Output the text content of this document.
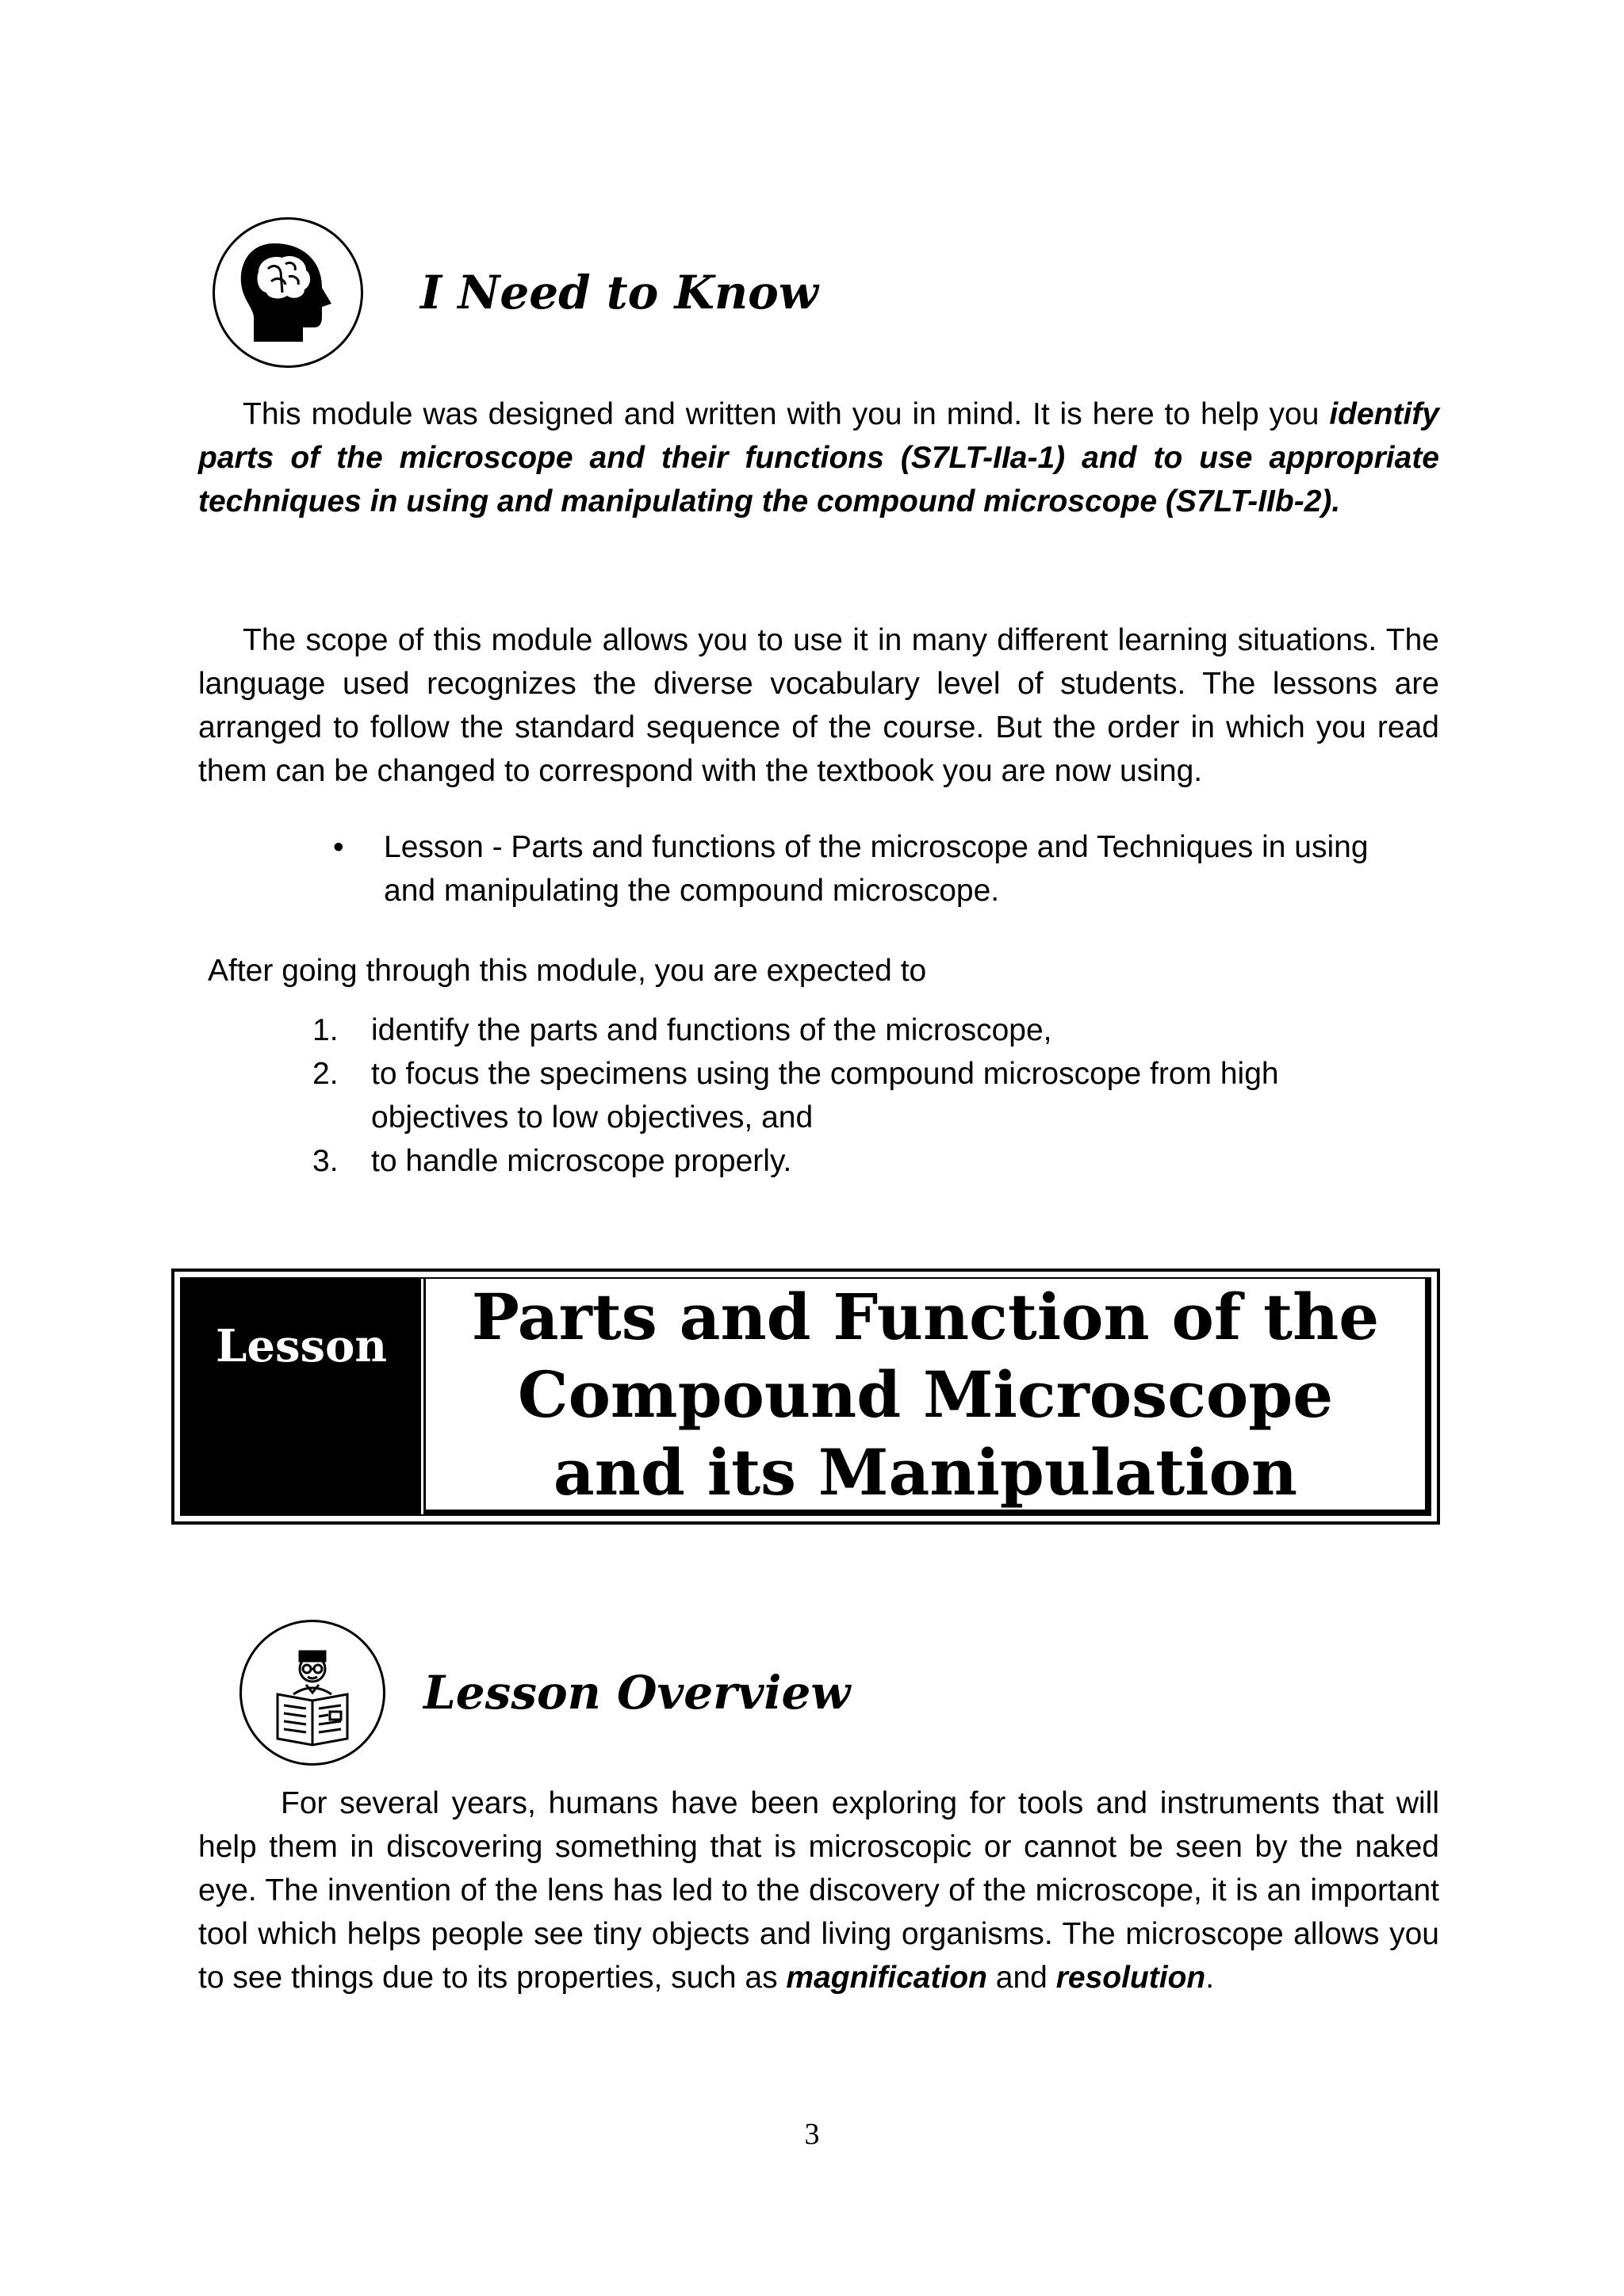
I Need to Know

This module was designed and written with you in mind. It is here to help you identify parts of the microscope and their functions (S7LT-IIa-1) and to use appropriate techniques in using and manipulating the compound microscope (S7LT-IIb-2).

The scope of this module allows you to use it in many different learning situations. The language used recognizes the diverse vocabulary level of students. The lessons are arranged to follow the standard sequence of the course. But the order in which you read them can be changed to correspond with the textbook you are now using.

• Lesson - Parts and functions of the microscope and Techniques in using and manipulating the compound microscope.

After going through this module, you are expected to

1. identify the parts and functions of the microscope,
2. to focus the specimens using the compound microscope from high objectives to low objectives, and
3. to handle microscope properly.
Lesson	Parts and Function of the Compound Microscope and its Manipulation
Lesson Overview

For several years, humans have been exploring for tools and instruments that will help them in discovering something that is microscopic or cannot be seen by the naked eye. The invention of the lens has led to the discovery of the microscope, it is an important tool which helps people see tiny objects and living organisms. The microscope allows you to see things due to its properties, such as magnification and resolution.

3
